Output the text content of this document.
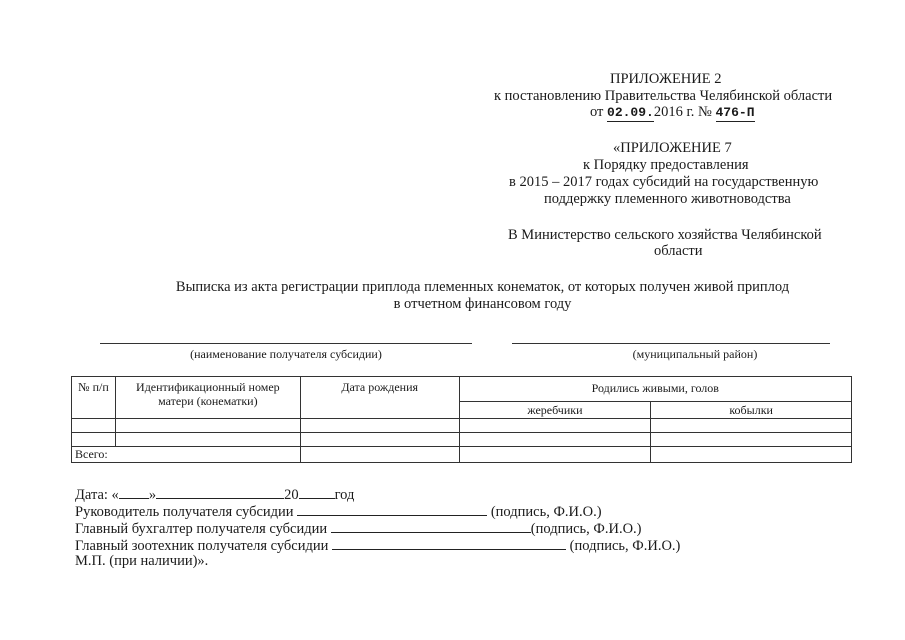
ПРИЛОЖЕНИЕ 2
к постановлению Правительства Челябинской области
от 02.09.2016 г. № 476-П
«ПРИЛОЖЕНИЕ 7
к Порядку предоставления
в 2015 – 2017 годах субсидий на государственную
поддержку племенного животноводства
В Министерство сельского хозяйства Челябинской
области
Выписка из акта регистрации приплода племенных конематок, от которых получен живой приплод
в отчетном финансовом году
(наименование получателя субсидии)	(муниципальный район)
№ п/п	Идентификационный номер матери (конематки)	Дата рождения	Родились живыми, голов	
			жеребчики	кобылки

Всего:				
Дата: « »	20 год
Руководитель получателя субсидии	(подпись, Ф.И.О.)
Главный бухгалтер получателя субсидии	(подпись, Ф.И.О.)
Главный зоотехник получателя субсидии	(подпись, Ф.И.О.)
М.П. (при наличии)».
